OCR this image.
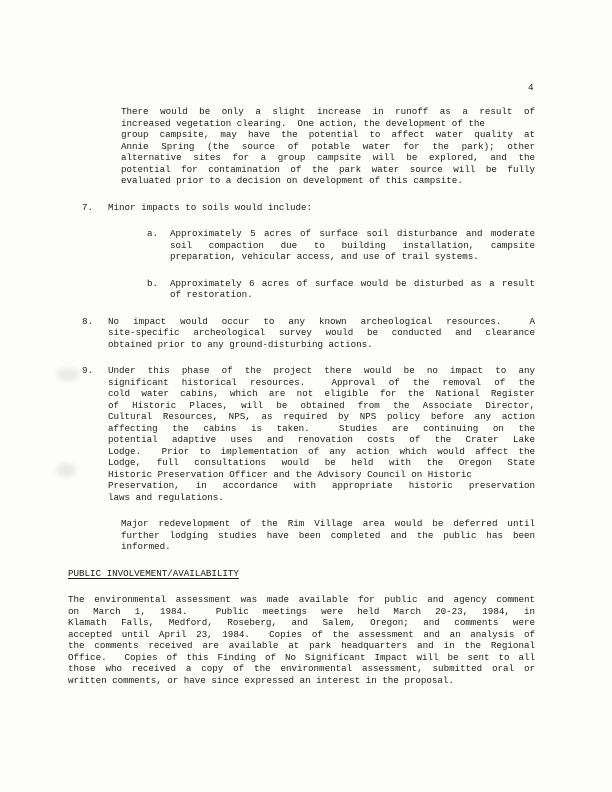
4
There would be only a slight increase in runoff as a result of
increased vegetation clearing.  One action, the development of the
group campsite, may have the potential to affect water quality at
Annie Spring (the source of potable water for the park); other
alternative sites for a group campsite will be explored, and the
potential for contamination of the park water source will be fully
evaluated prior to a decision on development of this campsite.
7. Minor impacts to soils would include:
a. Approximately 5 acres of surface soil disturbance and moderate
soil compaction due to building installation, campsite
preparation, vehicular access, and use of trail systems.
b. Approximately 6 acres of surface would be disturbed as a result
of restoration.
8. No impact would occur to any known archeological resources.  A
site-specific archeological survey would be conducted and clearance
obtained prior to any ground-disturbing actions.
9. Under this phase of the project there would be no impact to any
significant historical resources.  Approval of the removal of the
cold water cabins, which are not eligible for the National Register
of Historic Places, will be obtained from the Associate Director,
Cultural Resources, NPS, as required by NPS policy before any action
affecting the cabins is taken.  Studies are continuing on the
potential adaptive uses and renovation costs of the Crater Lake
Lodge.  Prior to implementation of any action which would affect the
Lodge, full consultations would be held with the Oregon State
Historic Preservation Officer and the Advisory Council on Historic
Preservation, in accordance with appropriate historic preservation
laws and regulations.
Major redevelopment of the Rim Village area would be deferred until
further lodging studies have been completed and the public has been
informed.
PUBLIC INVOLVEMENT/AVAILABILITY
The environmental assessment was made available for public and agency comment
on March 1, 1984.  Public meetings were held March 20-23, 1984, in
Klamath Falls, Medford, Roseberg, and Salem, Oregon; and comments were
accepted until April 23, 1984.  Copies of the assessment and an analysis of
the comments received are available at park headquarters and in the Regional
Office.  Copies of this Finding of No Significant Impact will be sent to all
those who received a copy of the environmental assessment, submitted oral or
written comments, or have since expressed an interest in the proposal.
